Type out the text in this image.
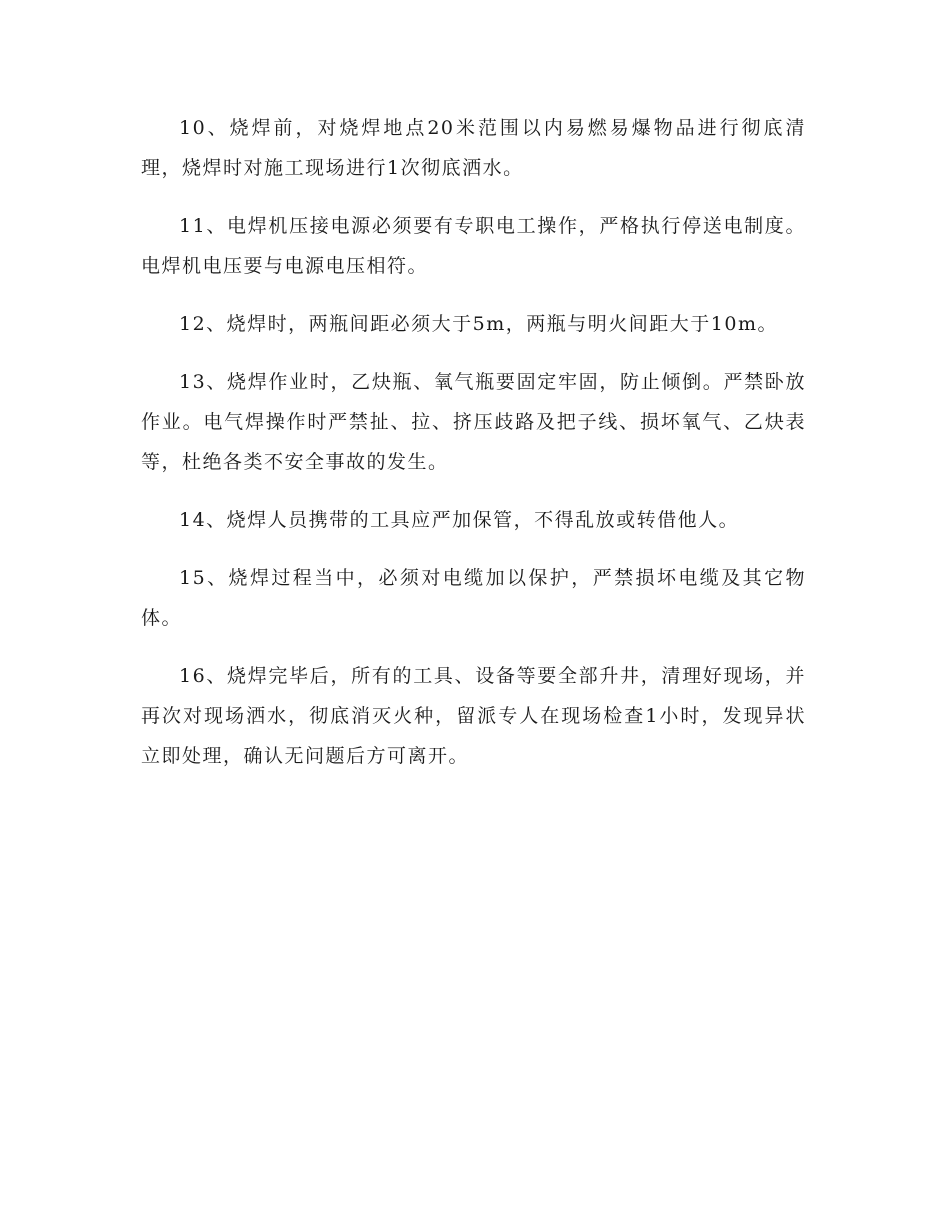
10、烧焊前，对烧焊地点20米范围以内易燃易爆物品进行彻底清理，烧焊时对施工现场进行1次彻底洒水。

11、电焊机压接电源必须要有专职电工操作，严格执行停送电制度。电焊机电压要与电源电压相符。

12、烧焊时，两瓶间距必须大于5m，两瓶与明火间距大于10m。

13、烧焊作业时，乙炔瓶、氧气瓶要固定牢固，防止倾倒。严禁卧放作业。电气焊操作时严禁扯、拉、挤压歧路及把子线、损坏氧气、乙炔表等，杜绝各类不安全事故的发生。

14、烧焊人员携带的工具应严加保管，不得乱放或转借他人。

15、烧焊过程当中，必须对电缆加以保护，严禁损坏电缆及其它物体。

16、烧焊完毕后，所有的工具、设备等要全部升井，清理好现场，并再次对现场洒水，彻底消灭火种，留派专人在现场检查1小时，发现异状立即处理，确认无问题后方可离开。
